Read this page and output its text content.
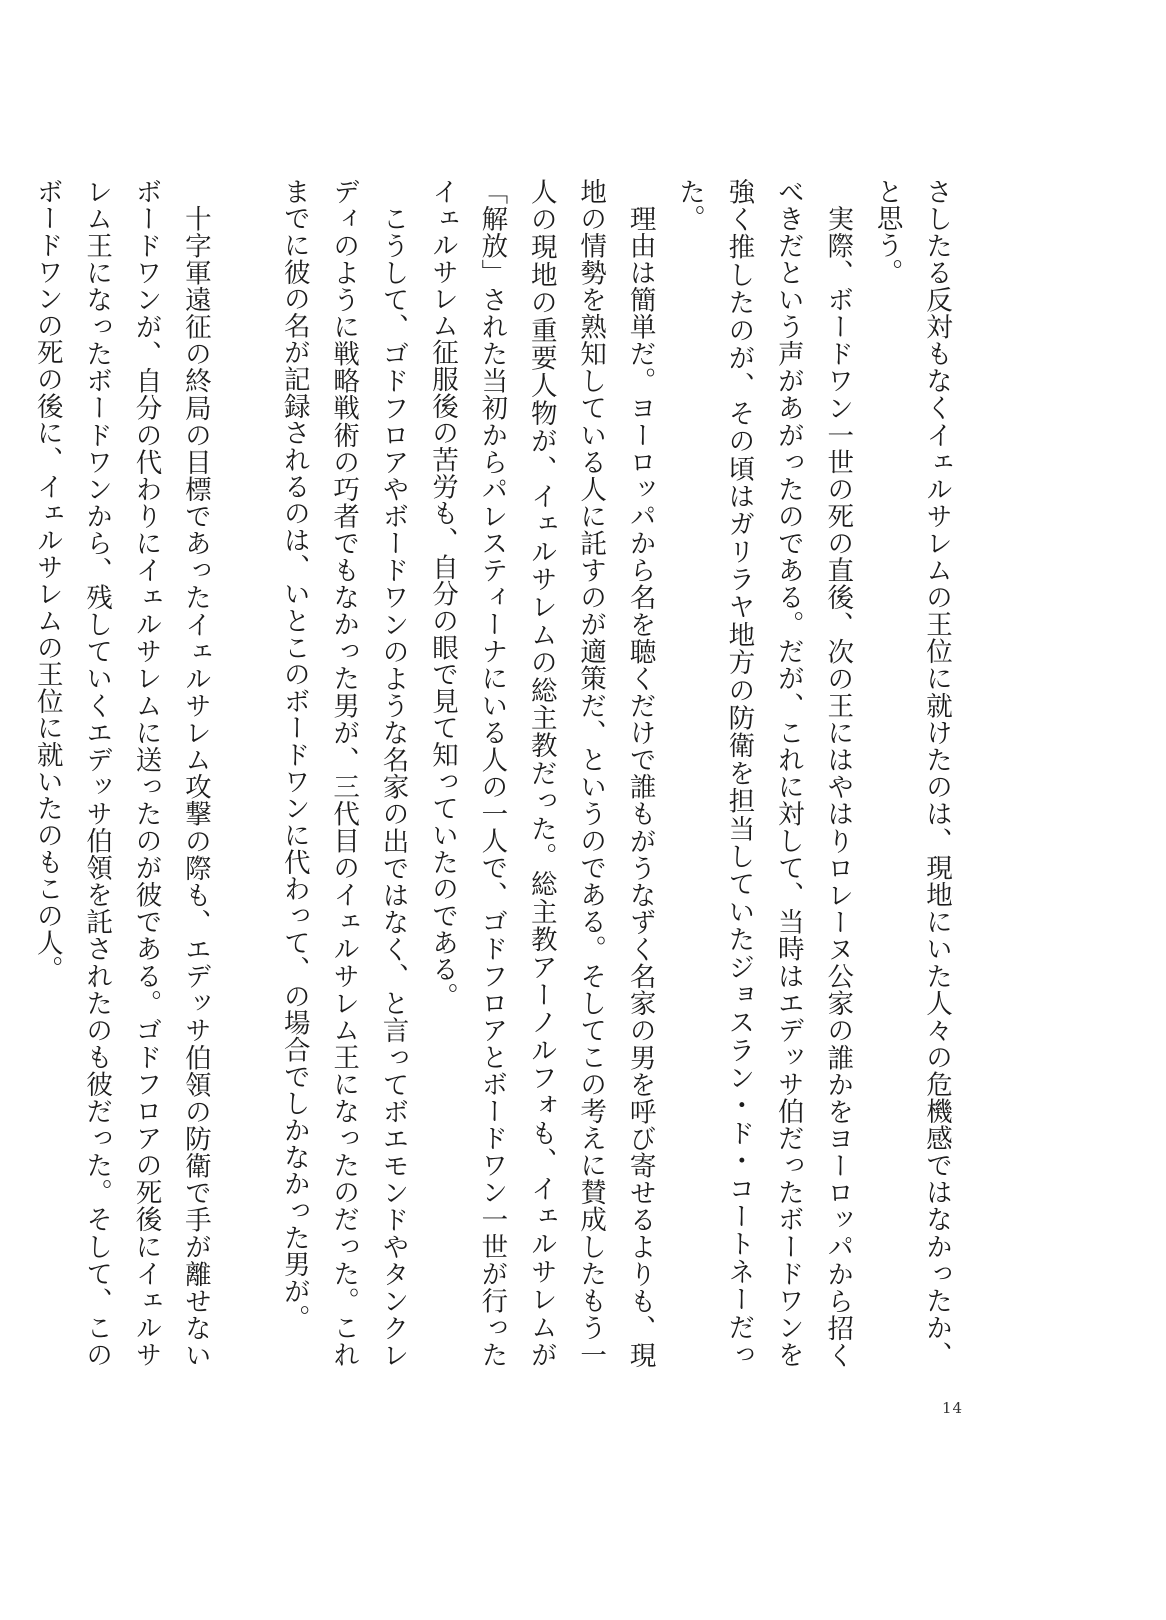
さしたる反対もなくイェルサレムの王位に就けたのは、現地にいた人々の危機感ではなかったか、と思う。

実際、ボードワン一世の死の直後、次の王にはやはりロレーヌ公家の誰かをヨーロッパから招くべきだという声があがったのである。だが、これに対して、当時はエデッサ伯だったボードワンを強く推したのが、その頃はガリラヤ地方の防衛を担当していたジョスラン・ド・コートネーだった。

理由は簡単だ。ヨーロッパから名を聴くだけで誰もがうなずく名家の男を呼び寄せるよりも、現地の情勢を熟知している人に託すのが適策だ、というのである。そしてこの考えに賛成したもう一人の現地の重要人物が、イェルサレムの総主教だった。総主教アーノルフォも、イェルサレムが「解放」された当初からパレスティーナにいる人の一人で、ゴドフロアとボードワン一世が行ったイェルサレム征服後の苦労も、自分の眼で見て知っていたのである。

こうして、ゴドフロアやボードワンのような名家の出ではなく、と言ってボエモンドやタンクレディのように戦略戦術の巧者でもなかった男が、三代目のイェルサレム王になったのだった。これまでに彼の名が記録されるのは、いとこのボードワンに代わって、の場合でしかなかった男が。

十字軍遠征の終局の目標であったイェルサレム攻撃の際も、エデッサ伯領の防衛で手が離せないボードワンが、自分の代わりにイェルサレムに送ったのが彼である。ゴドフロアの死後にイェルサレム王になったボードワンから、残していくエデッサ伯領を託されたのも彼だった。そして、このボードワンの死の後に、イェルサレムの王位に就いたのもこの人。

14
